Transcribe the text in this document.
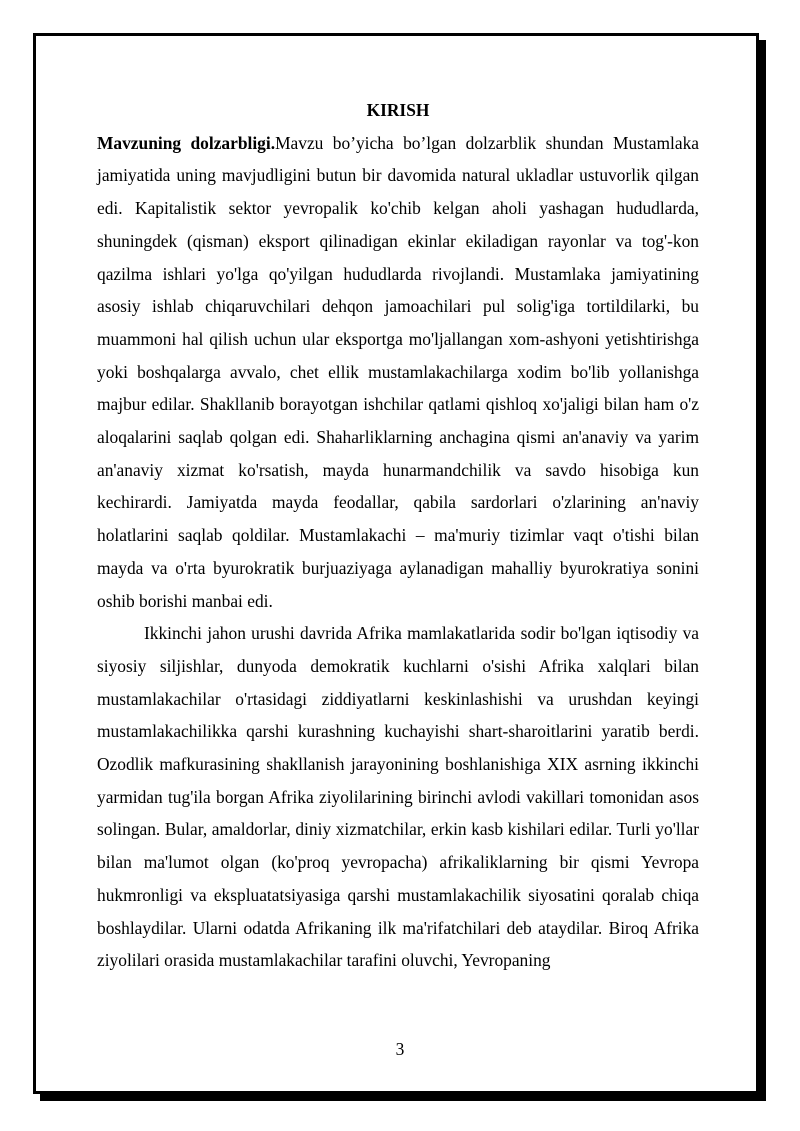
KIRISH

Mavzuning dolzarbligi.Mavzu bo’yicha bo’lgan dolzarblik shundan Mustamlaka jamiyatida uning mavjudligini butun bir davomida natural ukladlar ustuvorlik qilgan edi. Kapitalistik sektor yevropalik ko'chib kelgan aholi yashagan hududlarda, shuningdek (qisman) eksport qilinadigan ekinlar ekiladigan rayonlar va tog'-kon qazilma ishlari yo'lga qo'yilgan hududlarda rivojlandi. Mustamlaka jamiyatining asosiy ishlab chiqaruvchilari dehqon jamoachilari pul solig'iga tortildilarki, bu muammoni hal qilish uchun ular eksportga mo'ljallangan xom-ashyoni yetishtirishga yoki boshqalarga avvalo, chet ellik mustamlakachilarga xodim bo'lib yollanishga majbur edilar. Shakllanib borayotgan ishchilar qatlami qishloq xo'jaligi bilan ham o'z aloqalarini saqlab qolgan edi. Shaharliklarning anchagina qismi an'anaviy va yarim an'anaviy xizmat ko'rsatish, mayda hunarmandchilik va savdo hisobiga kun kechirardi. Jamiyatda mayda feodallar, qabila sardorlari o'zlarining an'naviy holatlarini saqlab qoldilar. Mustamlakachi – ma'muriy tizimlar vaqt o'tishi bilan mayda va o'rta byurokratik burjuaziyaga aylanadigan mahalliy byurokratiya sonini oshib borishi manbai edi.

Ikkinchi jahon urushi davrida Afrika mamlakatlarida sodir bo'lgan iqtisodiy va siyosiy siljishlar, dunyoda demokratik kuchlarni o'sishi Afrika xalqlari bilan mustamlakachilar o'rtasidagi ziddiyatlarni keskinlashishi va urushdan keyingi mustamlakachilikka qarshi kurashning kuchayishi shart-sharoitlarini yaratib berdi. Ozodlik mafkurasining shakllanish jarayonining boshlanishiga XIX asrning ikkinchi yarmidan tug'ila borgan Afrika ziyolilarining birinchi avlodi vakillari tomonidan asos solingan. Bular, amaldorlar, diniy xizmatchilar, erkin kasb kishilari edilar. Turli yo'llar bilan ma'lumot olgan (ko'proq yevropacha) afrikaliklarning bir qismi Yevropa hukmronligi va ekspluatatsiyasiga qarshi mustamlakachilik siyosatini qoralab chiqa boshlaydilar. Ularni odatda Afrikaning ilk ma'rifatchilari deb ataydilar. Biroq Afrika ziyolilari orasida mustamlakachilar tarafini oluvchi, Yevropaning

3
